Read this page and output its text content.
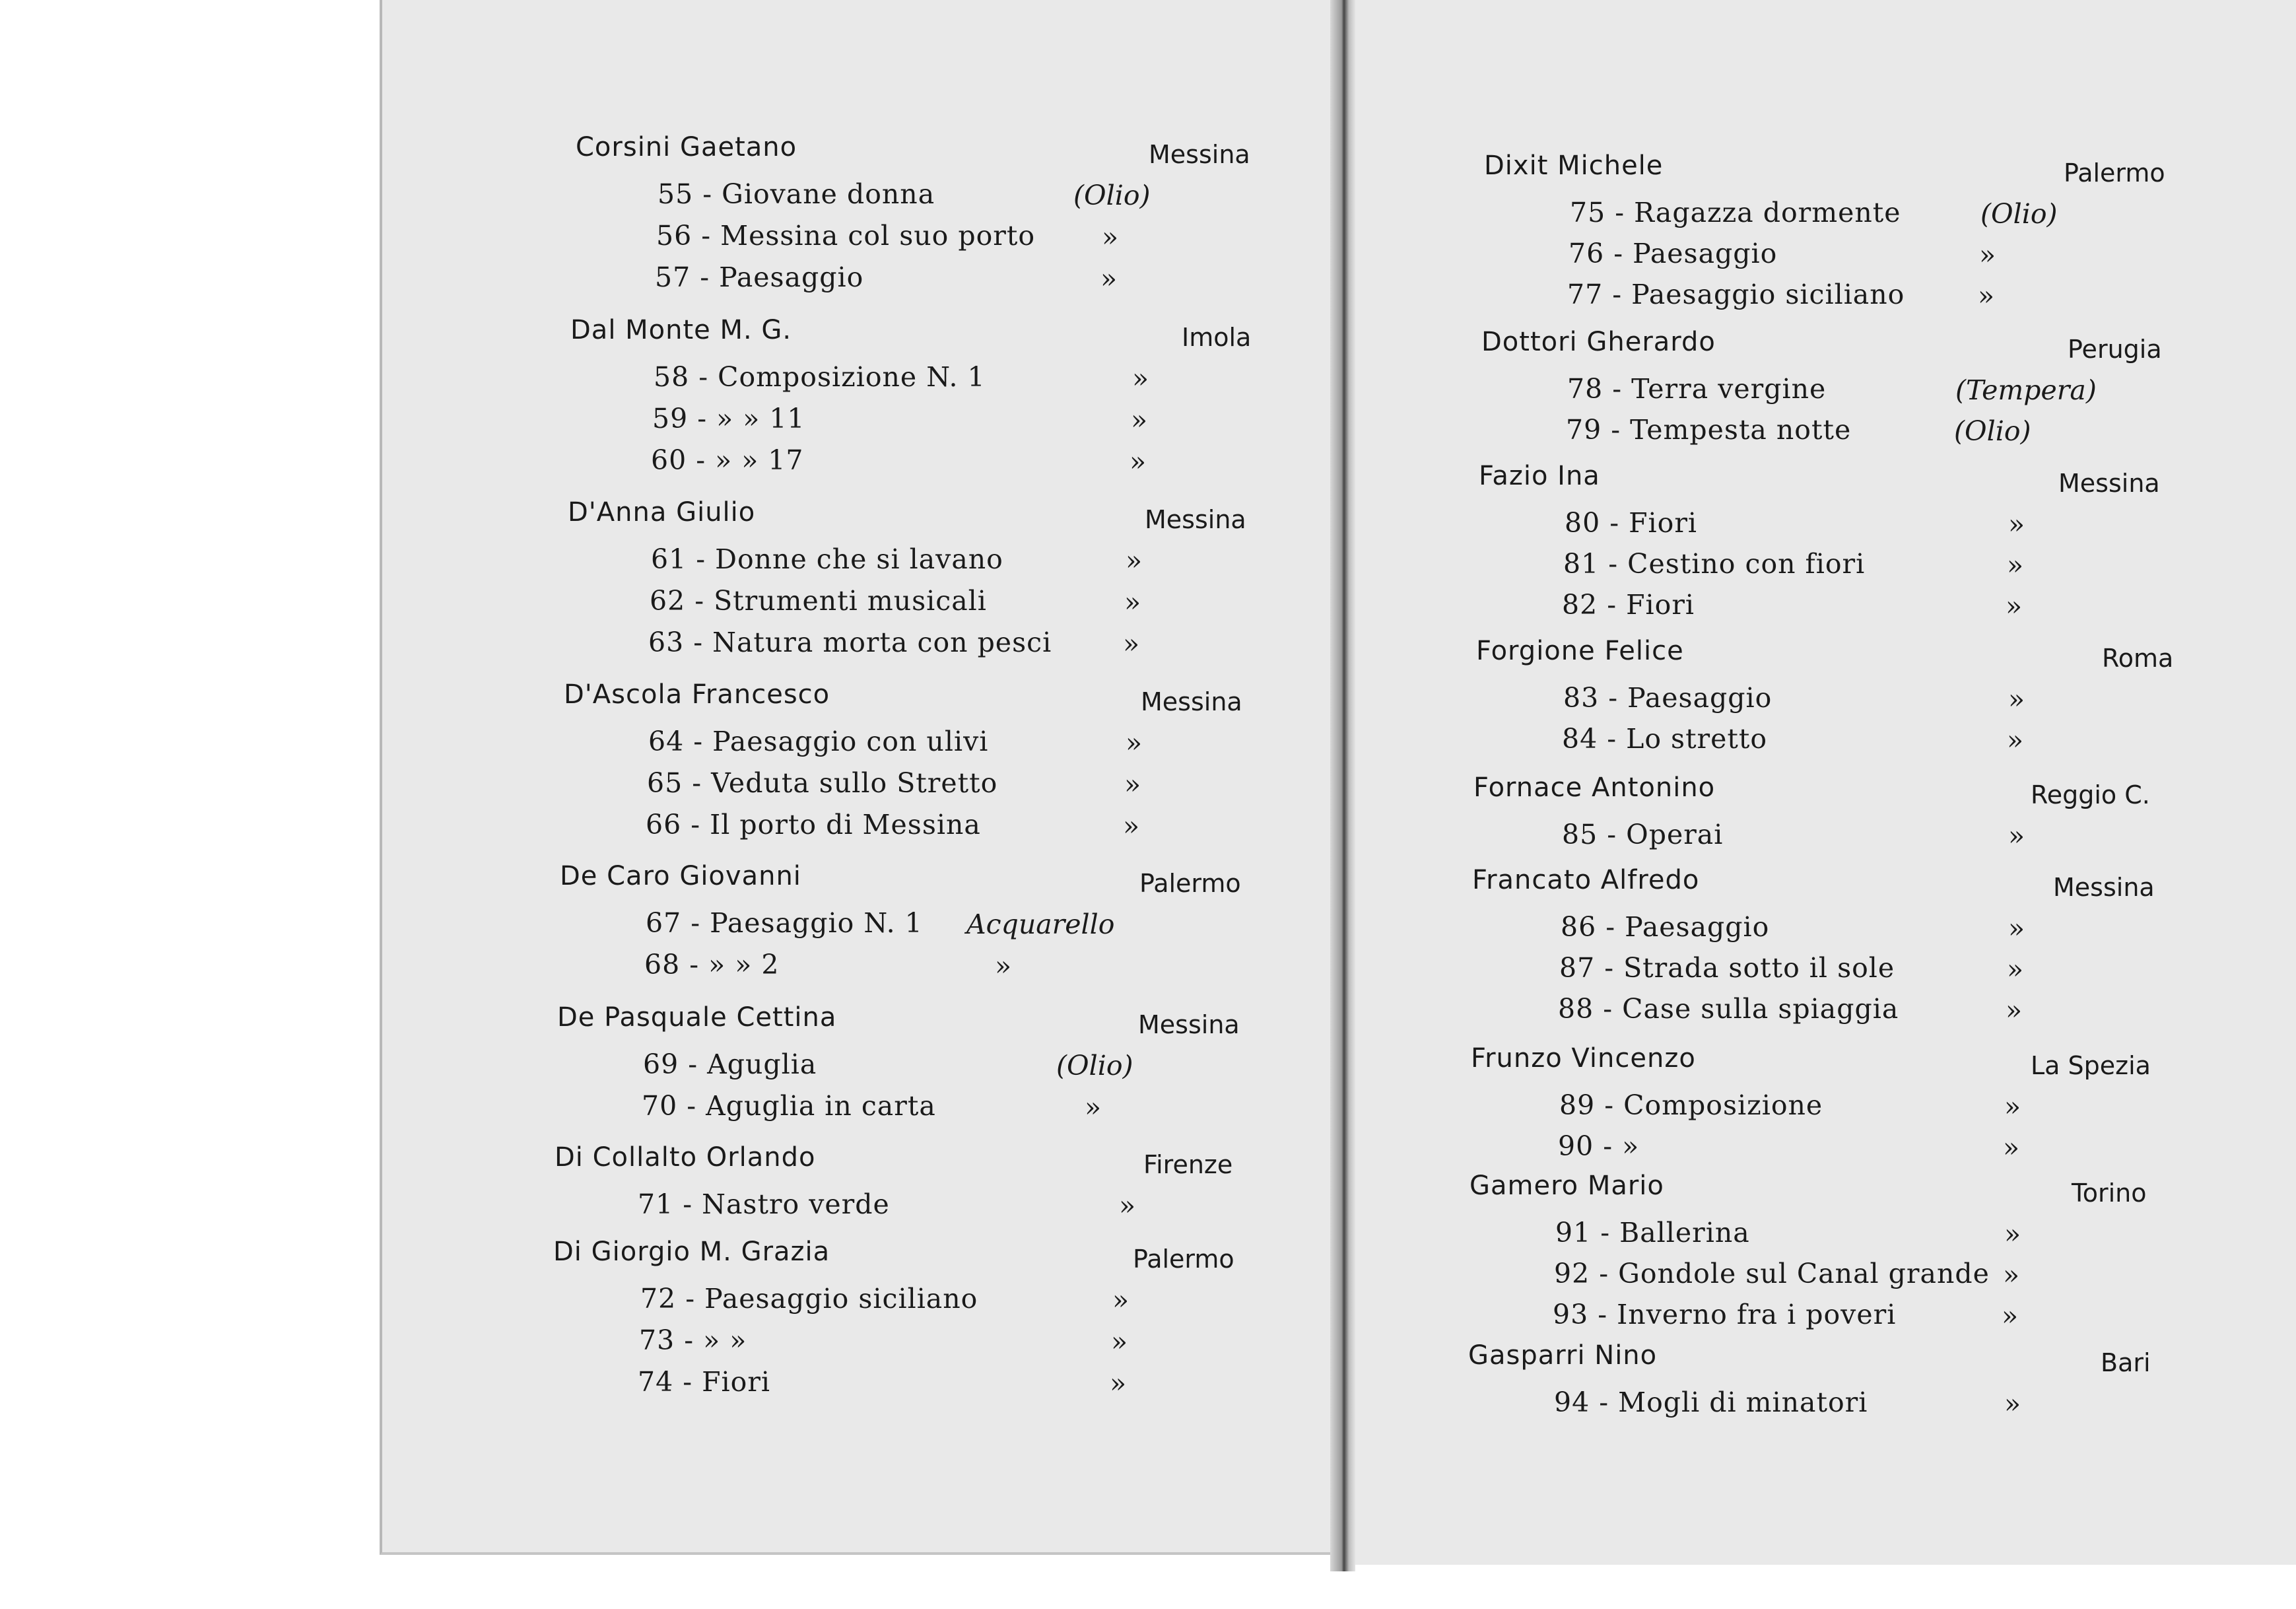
Corsini Gaetano	Messina
55 - Giovane donna	(Olio)
56 - Messina col suo porto »
57 - Paesaggio	»
Dal Monte M. G.	Imola
58 - Composizione N. 1	»
59 - » » 11	»
60 - » » 17	»
D'Anna Giulio	Messina
61 - Donne che si lavano	»
62 - Strumenti musicali	»
63 - Natura morta con pesci	»
D'Ascola Francesco	Messina
64 - Paesaggio con ulivi	»
65 - Veduta sullo Stretto	»
66 - Il porto di Messina	»
De Caro Giovanni	Palermo
67 - Paesaggio N. 1 Acquarello
68 - » » 2	»
De Pasquale Cettina	Messina
69 - Aguglia	(Olio)
70 - Aguglia in carta	»
Di Collalto Orlando	Firenze
71 - Nastro verde	»
Di Giorgio M. Grazia	Palermo
72 - Paesaggio siciliano	»
73 - » »	»
74 - Fiori	»
Dixit Michele	Palermo
75 - Ragazza dormente	(Olio)
76 - Paesaggio	»
77 - Paesaggio siciliano	»
Dottori Gherardo	Perugia
78 - Terra vergine	(Tempera)
79 - Tempesta notte	(Olio)
Fazio Ina	Messina
80 - Fiori	»
81 - Cestino con fiori	»
82 - Fiori	»
Forgione Felice	Roma
83 - Paesaggio	»
84 - Lo stretto	»
Fornace Antonino	Reggio C.
85 - Operai	»
Francato Alfredo	Messina
86 - Paesaggio	»
87 - Strada sotto il sole	»
88 - Case sulla spiaggia	»
Frunzo Vincenzo	La Spezia
89 - Composizione	»
90 - »	»
Gamero Mario	Torino
91 - Ballerina	»
92 - Gondole sul Canal grande »
93 - Inverno fra i poveri	»
Gasparri Nino	Bari
94 - Mogli di minatori	»
